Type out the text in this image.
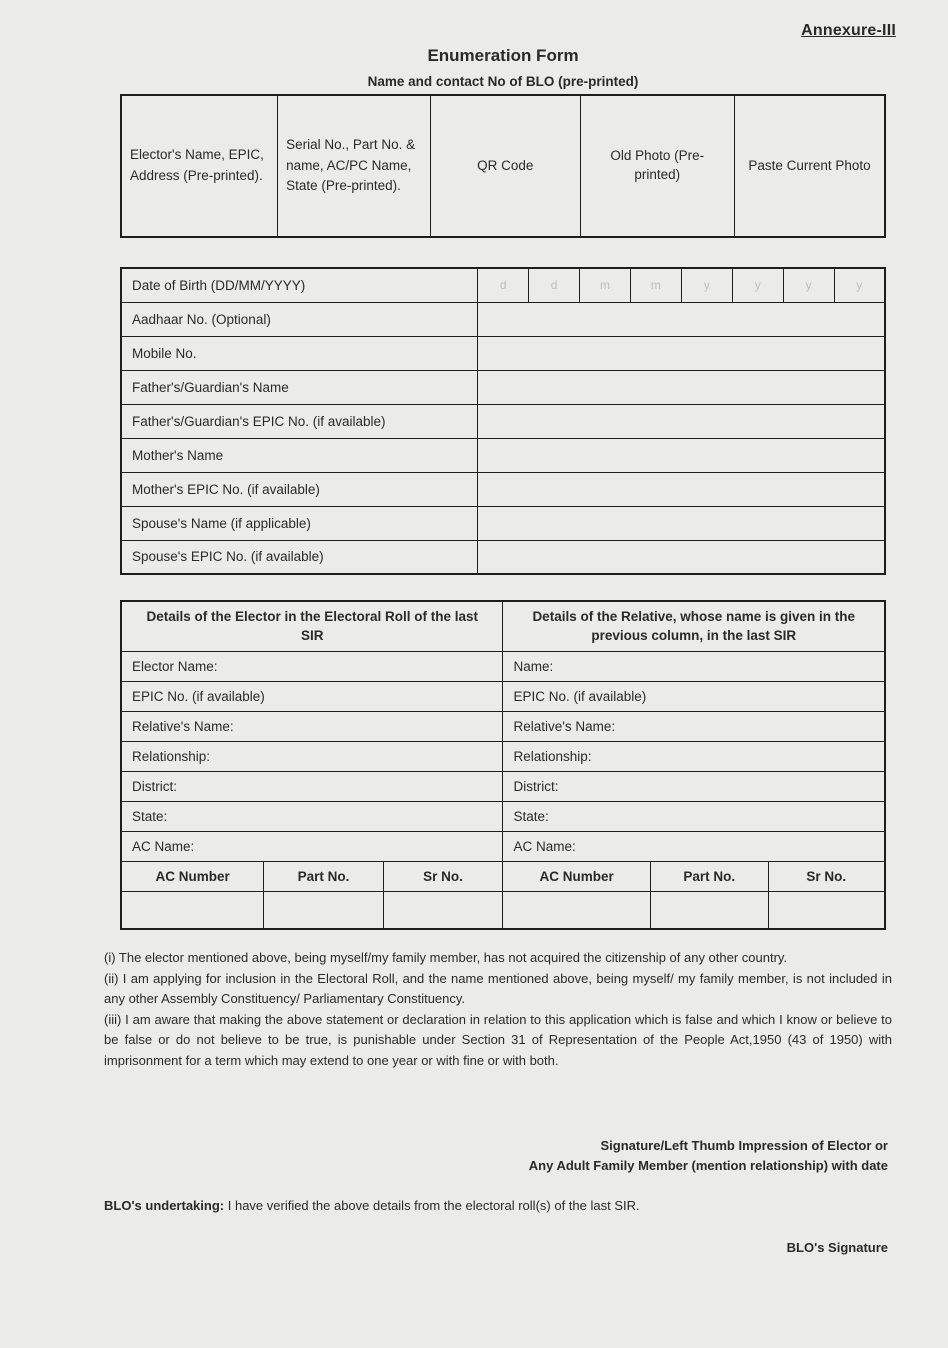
Annexure-III
Enumeration Form
Name and contact No of BLO (pre-printed)
Elector's Name, EPIC, Address (Pre-printed).	Serial No., Part No. & name, AC/PC Name, State (Pre-printed).	QR Code	Old Photo (Pre-printed)	Paste Current Photo
Date of Birth (DD/MM/YYYY)	d	d	m	m	y	y	y	y
Aadhaar No. (Optional)								
Mobile No.								
Father's/Guardian's Name								
Father's/Guardian's EPIC No. (if available)								
Mother's Name								
Mother's EPIC No. (if available)								
Spouse's Name (if applicable)								
Spouse's EPIC No. (if available)								
Details of the Elector in the Electoral Roll of the last SIR			Details of the Relative, whose name is given in the previous column, in the last SIR		
Elector Name:			Name:		
EPIC No. (if available)			EPIC No. (if available)		
Relative's Name:			Relative's Name:		
Relationship:			Relationship:		
District:			District:		
State:			State:		
AC Name:			AC Name:		
AC Number	Part No.	Sr No.	AC Number	Part No.	Sr No.

(i) The elector mentioned above, being myself/my family member, has not acquired the citizenship of any other country.

(ii) I am applying for inclusion in the Electoral Roll, and the name mentioned above, being myself/ my family member, is not included in any other Assembly Constituency/ Parliamentary Constituency.

(iii) I am aware that making the above statement or declaration in relation to this application which is false and which I know or believe to be false or do not believe to be true, is punishable under Section 31 of Representation of the People Act,1950 (43 of 1950) with imprisonment for a term which may extend to one year or with fine or with both.

Signature/Left Thumb Impression of Elector or
Any Adult Family Member (mention relationship) with date
BLO's undertaking: I have verified the above details from the electoral roll(s) of the last SIR.
BLO's Signature
